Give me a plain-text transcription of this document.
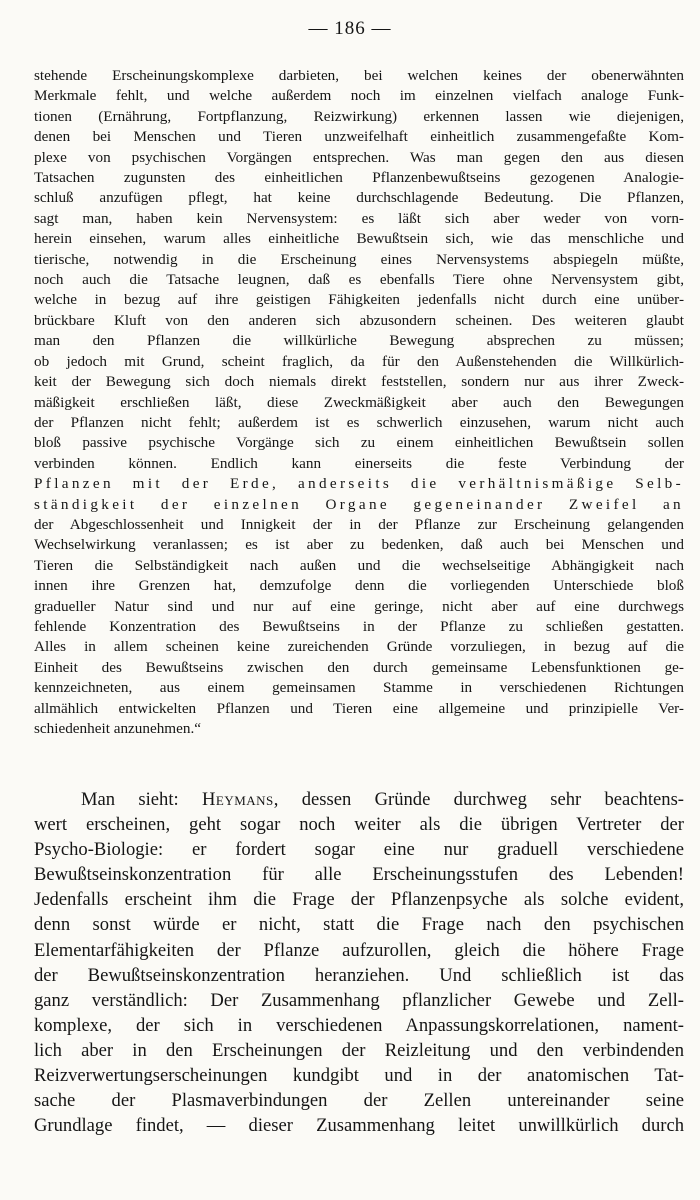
— 186 —
stehende Erscheinungskomplexe darbieten, bei welchen keines der obenerwähnten
Merkmale fehlt, und welche außerdem noch im einzelnen vielfach analoge Funk-
tionen (Ernährung, Fortpflanzung, Reizwirkung) erkennen lassen wie diejenigen,
denen bei Menschen und Tieren unzweifelhaft einheitlich zusammengefaßte Kom-
plexe von psychischen Vorgängen entsprechen. Was man gegen den aus diesen
Tatsachen zugunsten des einheitlichen Pflanzenbewußtseins gezogenen Analogie-
schluß anzufügen pflegt, hat keine durchschlagende Bedeutung. Die Pflanzen,
sagt man, haben kein Nervensystem: es läßt sich aber weder von vorn-
herein einsehen, warum alles einheitliche Bewußtsein sich, wie das menschliche und
tierische, notwendig in die Erscheinung eines Nervensystems abspiegeln müßte,
noch auch die Tatsache leugnen, daß es ebenfalls Tiere ohne Nervensystem gibt,
welche in bezug auf ihre geistigen Fähigkeiten jedenfalls nicht durch eine unüber-
brückbare Kluft von den anderen sich abzusondern scheinen. Des weiteren glaubt
man den Pflanzen die willkürliche Bewegung absprechen zu müssen;
ob jedoch mit Grund, scheint fraglich, da für den Außenstehenden die Willkürlich-
keit der Bewegung sich doch niemals direkt feststellen, sondern nur aus ihrer Zweck-
mäßigkeit erschließen läßt, diese Zweckmäßigkeit aber auch den Bewegungen
der Pflanzen nicht fehlt; außerdem ist es schwerlich einzusehen, warum nicht auch
bloß passive psychische Vorgänge sich zu einem einheitlichen Bewußtsein sollen
verbinden können. Endlich kann einerseits die feste Verbindung der
Pflanzen mit der Erde, anderseits die verhältnismäßige Selb-
ständigkeit der einzelnen Organe gegeneinander Zweifel an
der Abgeschlossenheit und Innigkeit der in der Pflanze zur Erscheinung gelangenden
Wechselwirkung veranlassen; es ist aber zu bedenken, daß auch bei Menschen und
Tieren die Selbständigkeit nach außen und die wechselseitige Abhängigkeit nach
innen ihre Grenzen hat, demzufolge denn die vorliegenden Unterschiede bloß
gradueller Natur sind und nur auf eine geringe, nicht aber auf eine durchwegs
fehlende Konzentration des Bewußtseins in der Pflanze zu schließen gestatten.
Alles in allem scheinen keine zureichenden Gründe vorzuliegen, in bezug auf die
Einheit des Bewußtseins zwischen den durch gemeinsame Lebensfunktionen ge-
kennzeichneten, aus einem gemeinsamen Stamme in verschiedenen Richtungen
allmählich entwickelten Pflanzen und Tieren eine allgemeine und prinzipielle Ver-
schiedenheit anzunehmen.“
Man sieht: Heymans, dessen Gründe durchweg sehr beachtens-
wert erscheinen, geht sogar noch weiter als die übrigen Vertreter der
Psycho-Biologie: er fordert sogar eine nur graduell verschiedene
Bewußtseinskonzentration für alle Erscheinungsstufen des Lebenden!
Jedenfalls erscheint ihm die Frage der Pflanzenpsyche als solche evident,
denn sonst würde er nicht, statt die Frage nach den psychischen
Elementarfähigkeiten der Pflanze aufzurollen, gleich die höhere Frage
der Bewußtseinskonzentration heranziehen. Und schließlich ist das
ganz verständlich: Der Zusammenhang pflanzlicher Gewebe und Zell-
komplexe, der sich in verschiedenen Anpassungskorrelationen, nament-
lich aber in den Erscheinungen der Reizleitung und den verbindenden
Reizverwertungserscheinungen kundgibt und in der anatomischen Tat-
sache der Plasmaverbindungen der Zellen untereinander seine
Grundlage findet, — dieser Zusammenhang leitet unwillkürlich durch
